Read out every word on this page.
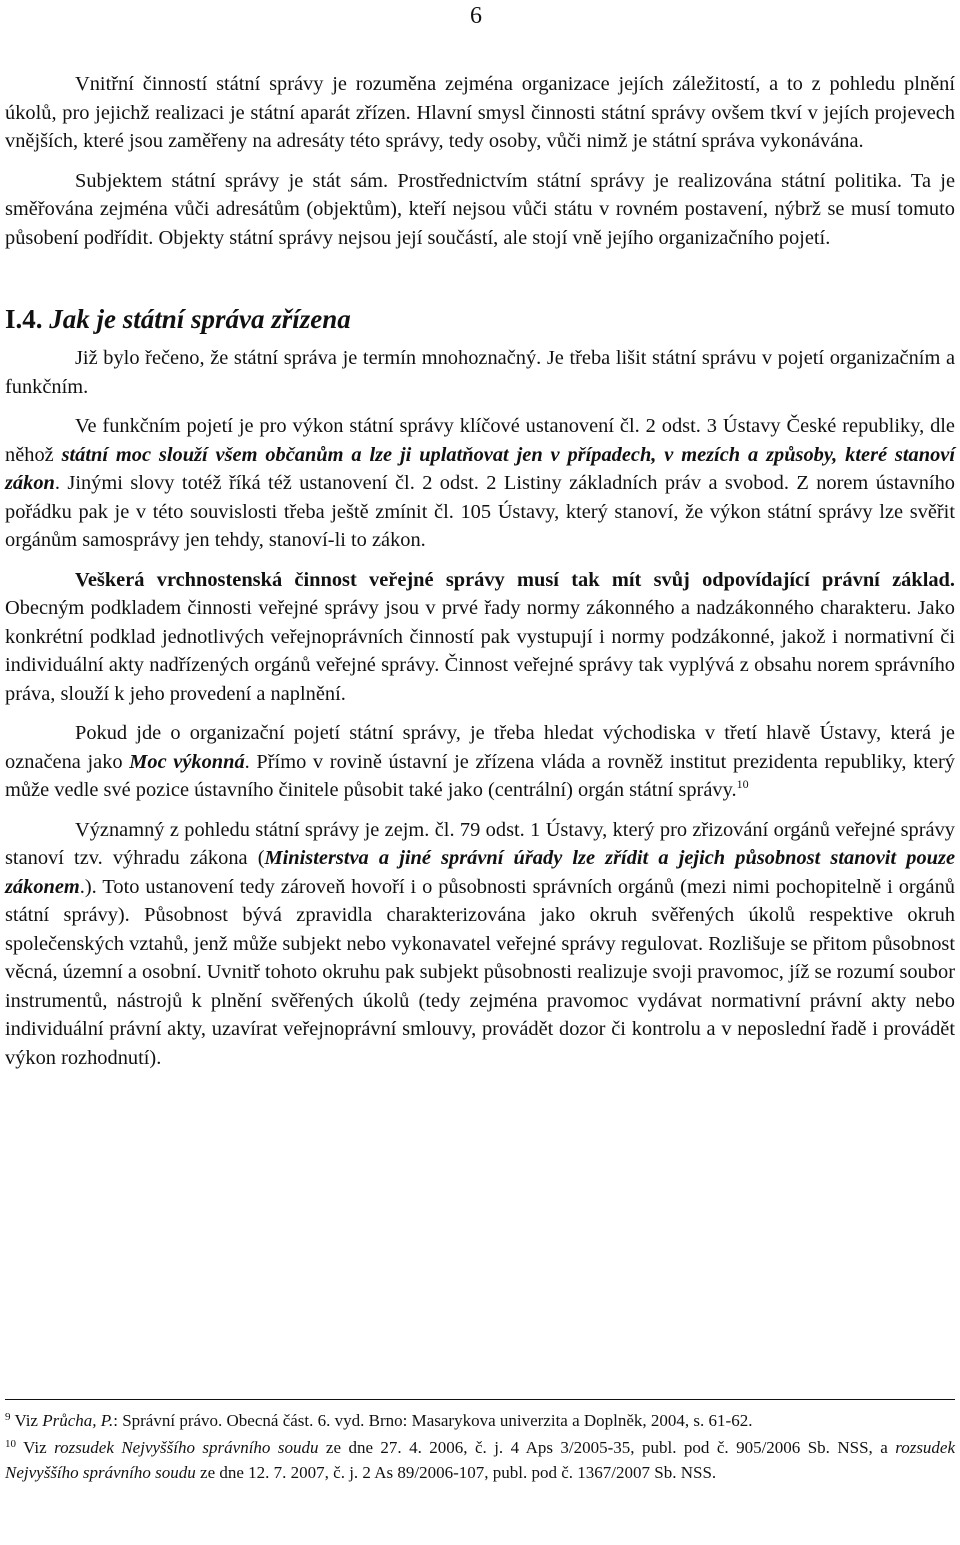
6

Vnitřní činností státní správy je rozuměna zejména organizace jejích záležitostí, a to z pohledu plnění úkolů, pro jejichž realizaci je státní aparát zřízen. Hlavní smysl činnosti státní správy ovšem tkví v jejích projevech vnějších, které jsou zaměřeny na adresáty této správy, tedy osoby, vůči nimž je státní správa vykonávána.

Subjektem státní správy je stát sám. Prostřednictvím státní správy je realizována státní politika. Ta je směřována zejména vůči adresátům (objektům), kteří nejsou vůči státu v rovném postavení, nýbrž se musí tomuto působení podřídit. Objekty státní správy nejsou její součástí, ale stojí vně jejího organizačního pojetí.

I.4. Jak je státní správa zřízena

Již bylo řečeno, že státní správa je termín mnohoznačný. Je třeba lišit státní správu v pojetí organizačním a funkčním.

Ve funkčním pojetí je pro výkon státní správy klíčové ustanovení čl. 2 odst. 3 Ústavy České republiky, dle něhož státní moc slouží všem občanům a lze ji uplatňovat jen v případech, v mezích a způsoby, které stanoví zákon. Jinými slovy totéž říká též ustanovení čl. 2 odst. 2 Listiny základních práv a svobod. Z norem ústavního pořádku pak je v této souvislosti třeba ještě zmínit čl. 105 Ústavy, který stanoví, že výkon státní správy lze svěřit orgánům samosprávy jen tehdy, stanoví-li to zákon.

Veškerá vrchnostenská činnost veřejné správy musí tak mít svůj odpovídající právní základ. Obecným podkladem činnosti veřejné správy jsou v prvé řady normy zákonného a nadzákonného charakteru. Jako konkrétní podklad jednotlivých veřejnoprávních činností pak vystupují i normy podzákonné, jakož i normativní či individuální akty nadřízených orgánů veřejné správy. Činnost veřejné správy tak vyplývá z obsahu norem správního práva, slouží k jeho provedení a naplnění.

Pokud jde o organizační pojetí státní správy, je třeba hledat východiska v třetí hlavě Ústavy, která je označena jako Moc výkonná. Přímo v rovině ústavní je zřízena vláda a rovněž institut prezidenta republiky, který může vedle své pozice ústavního činitele působit také jako (centrální) orgán státní správy.$^{10}$

Významný z pohledu státní správy je zejm. čl. 79 odst. 1 Ústavy, který pro zřizování orgánů veřejné správy stanoví tzv. výhradu zákona (Ministerstva a jiné správní úřady lze zřídit a jejich působnost stanovit pouze zákonem.). Toto ustanovení tedy zároveň hovoří i o působnosti správních orgánů (mezi nimi pochopitelně i orgánů státní správy). Působnost bývá zpravidla charakterizována jako okruh svěřených úkolů respektive okruh společenských vztahů, jenž může subjekt nebo vykonavatel veřejné správy regulovat. Rozlišuje se přitom působnost věcná, územní a osobní. Uvnitř tohoto okruhu pak subjekt působnosti realizuje svoji pravomoc, jíž se rozumí soubor instrumentů, nástrojů k plnění svěřených úkolů (tedy zejména pravomoc vydávat normativní právní akty nebo individuální právní akty, uzavírat veřejnoprávní smlouvy, provádět dozor či kontrolu a v neposlední řadě i provádět výkon rozhodnutí).

$^9$ Viz Průcha, P.: Správní právo. Obecná část. 6. vyd. Brno: Masarykova univerzita a Doplněk, 2004, s. 61-62.

$^{10}$ Viz rozsudek Nejvyššího správního soudu ze dne 27. 4. 2006, č. j. 4 Aps 3/2005-35, publ. pod č. 905/2006 Sb. NSS, a rozsudek Nejvyššího správního soudu ze dne 12. 7. 2007, č. j. 2 As 89/2006-107, publ. pod č. 1367/2007 Sb. NSS.
